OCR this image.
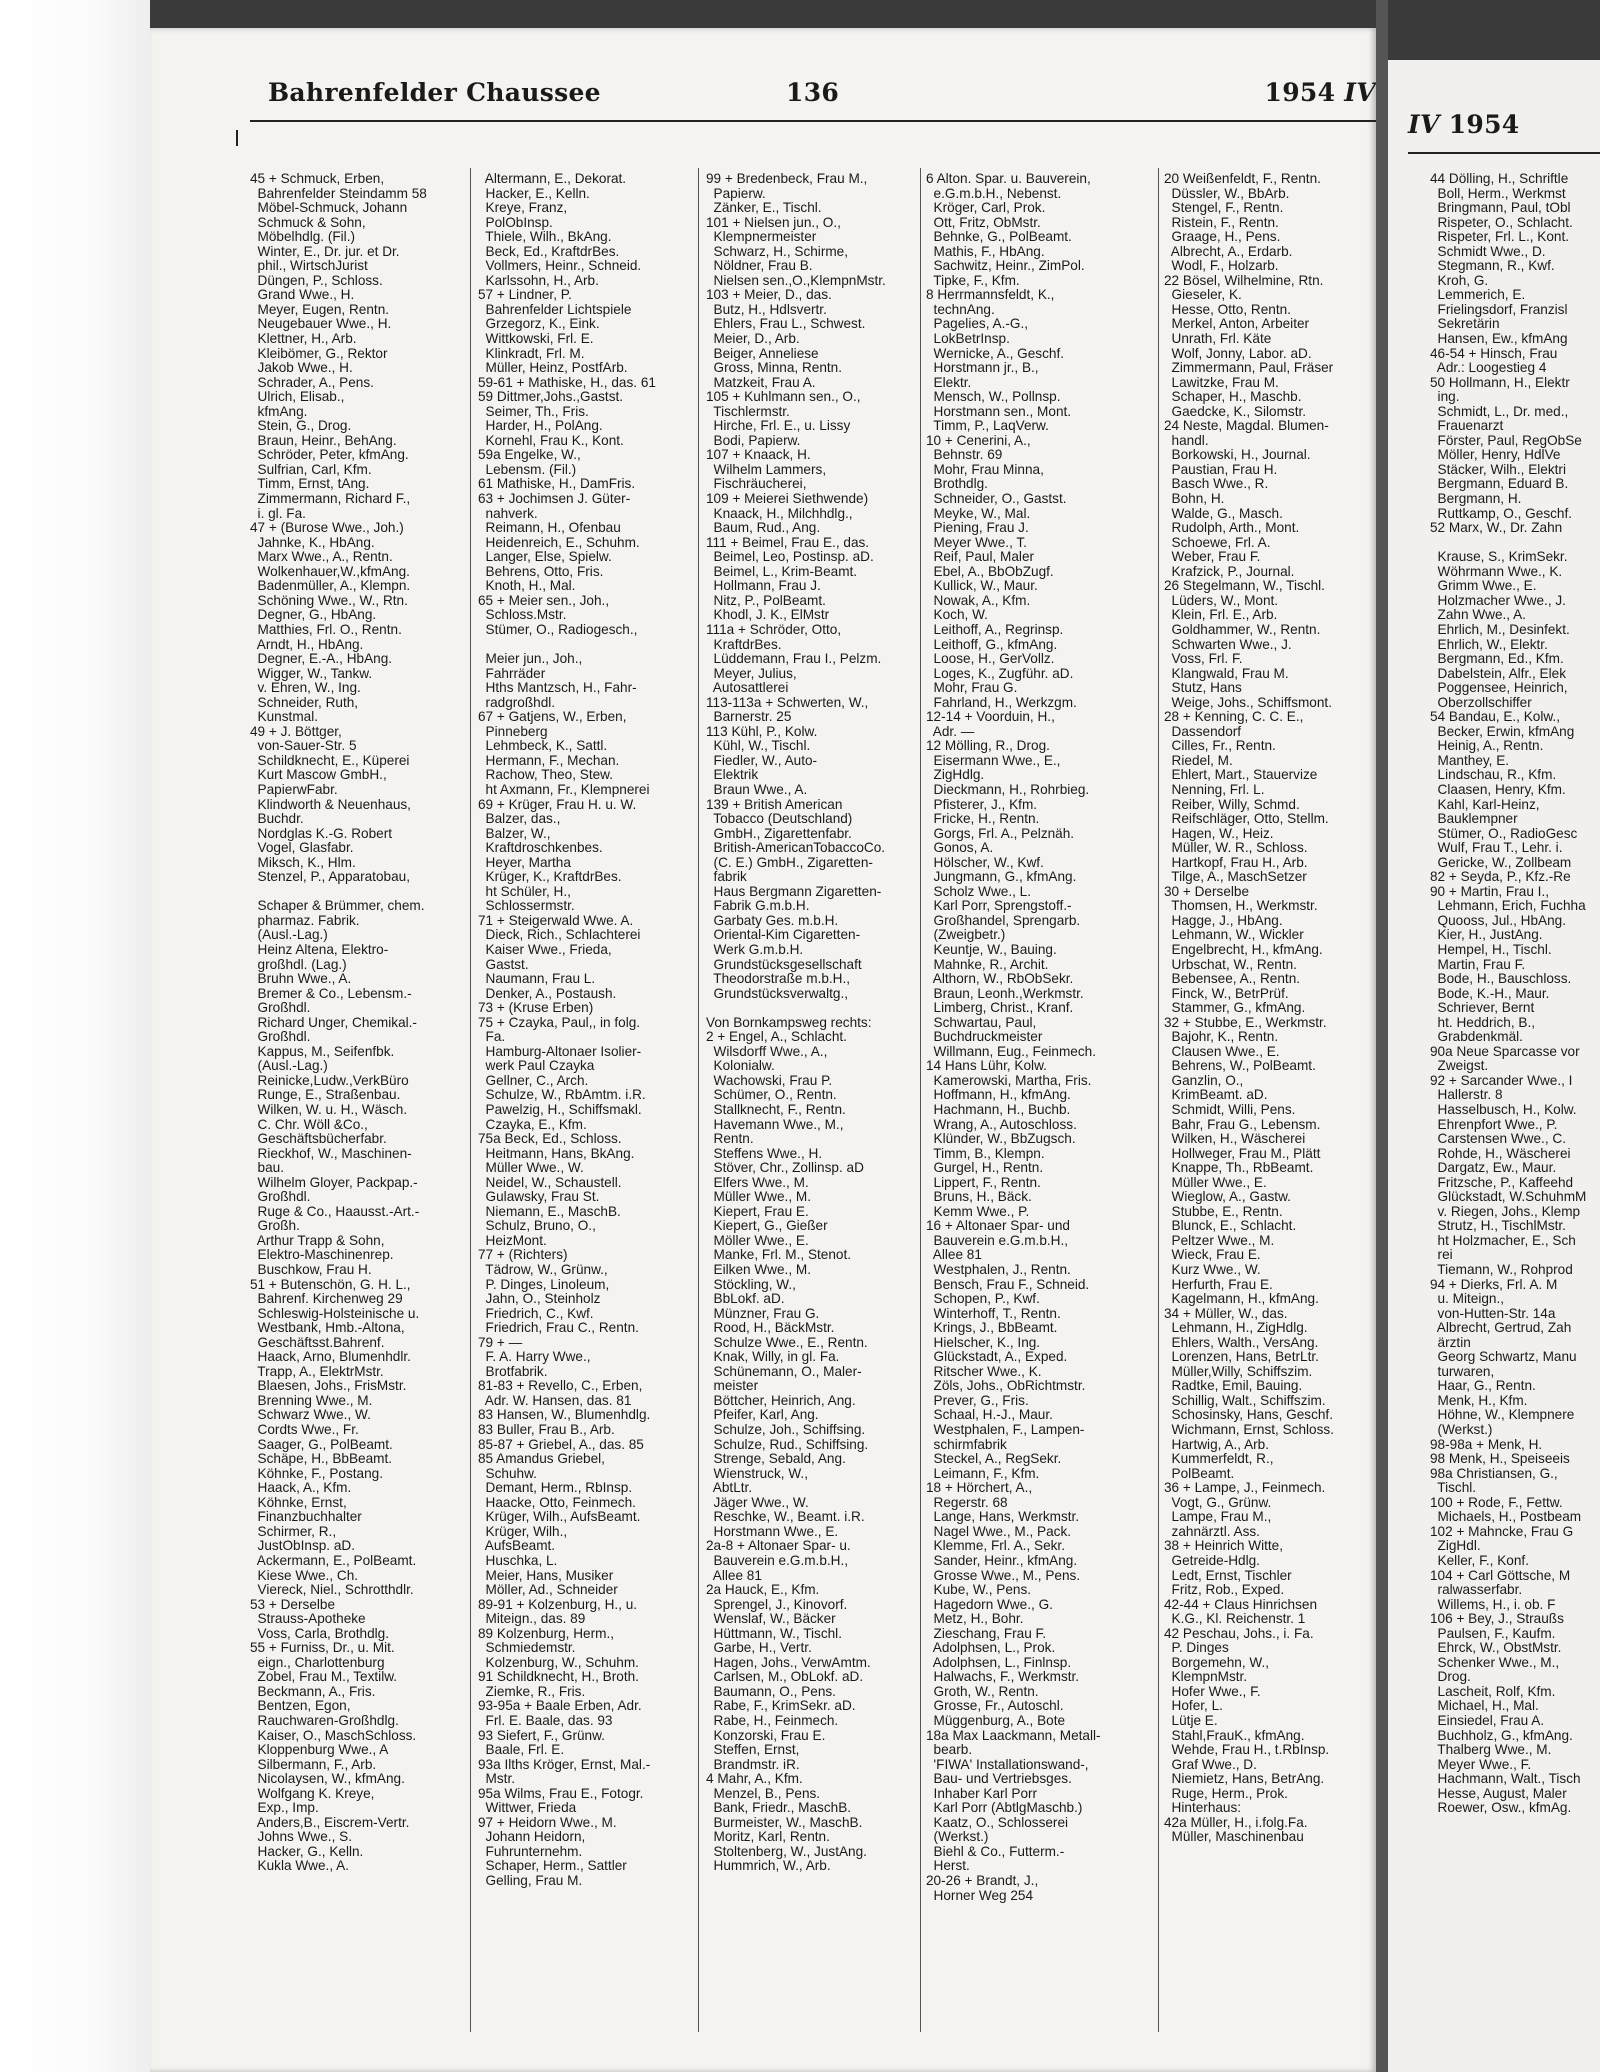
Bahrenfelder Chaussee	136	1954 IV
45 + Schmuck, Erben,
Bahrenfelder Steindamm 58
Möbel-Schmuck, Johann
Schmuck & Sohn,
Möbelhdlg. (Fil.)
Winter, E., Dr. jur. et Dr.
phil., WirtschJurist
Düngen, P., Schloss.
Grand Wwe., H.
Meyer, Eugen, Rentn.
Neugebauer Wwe., H.
Klettner, H., Arb.
Kleibömer, G., Rektor
Jakob Wwe., H.
Schrader, A., Pens.
Ulrich, Elisab.,
kfmAng.
Stein, G., Drog.
Braun, Heinr., BehAng.
Schröder, Peter, kfmAng.
Sulfrian, Carl, Kfm.
Timm, Ernst, tAng.
Zimmermann, Richard F.,
i. gl. Fa.
47 + (Burose Wwe., Joh.)
Jahnke, K., HbAng.
Marx Wwe., A., Rentn.
Wolkenhauer,W.,kfmAng.
Badenmüller, A., Klempn.
Schöning Wwe., W., Rtn.
Degner, G., HbAng.
Matthies, Frl. O., Rentn.
Arndt, H., HbAng.
Degner, E.-A., HbAng.
Wigger, W., Tankw.
v. Ehren, W., Ing.
Schneider, Ruth,
Kunstmal.
49 + J. Böttger,
von-Sauer-Str. 5
Schildknecht, E., Küperei
Kurt Mascow GmbH.,
PapierwFabr.
Klindworth & Neuenhaus,
Buchdr.
Nordglas K.-G. Robert
Vogel, Glasfabr.
Miksch, K., Hlm.
Stenzel, P., Apparatobau,

Schaper & Brümmer, chem.
pharmaz. Fabrik.
(Ausl.-Lag.)
Heinz Altena, Elektro-
großhdl. (Lag.)
Bruhn Wwe., A.
Bremer & Co., Lebensm.-
Großhdl.
Richard Unger, Chemikal.-
Großhdl.
Kappus, M., Seifenfbk.
(Ausl.-Lag.)
Reinicke,Ludw.,VerkBüro
Runge, E., Straßenbau.
Wilken, W. u. H., Wäsch.
C. Chr. Wöll &Co.,
Geschäftsbücherfabr.
Rieckhof, W., Maschinen-
bau.
Wilhelm Gloyer, Packpap.-
Großhdl.
Ruge & Co., Haausst.-Art.-
Großh.
Arthur Trapp & Sohn,
Elektro-Maschinenrep.
Buschkow, Frau H.
51 + Butenschön, G. H. L.,
Bahrenf. Kirchenweg 29
Schleswig-Holsteinische u.
Westbank, Hmb.-Altona,
Geschäftsst.Bahrenf.
Haack, Arno, Blumenhdlr.
Trapp, A., ElektrMstr.
Blaesen, Johs., FrisMstr.
Brenning Wwe., M.
Schwarz Wwe., W.
Cordts Wwe., Fr.
Saager, G., PolBeamt.
Schäpe, H., BbBeamt.
Köhnke, F., Postang.
Haack, A., Kfm.
Köhnke, Ernst,
Finanzbuchhalter
Schirmer, R.,
JustObInsp. aD.
Ackermann, E., PolBeamt.
Kiese Wwe., Ch.
Viereck, Niel., Schrotthdlr.
53 + Derselbe
Strauss-Apotheke
Voss, Carla, Brothdlg.
55 + Furniss, Dr., u. Mit.
eign., Charlottenburg
Zobel, Frau M., Textilw.
Beckmann, A., Fris.
Bentzen, Egon,
Rauchwaren-Großhdlg.
Kaiser, O., MaschSchloss.
Kloppenburg Wwe., A
Silbermann, F., Arb.
Nicolaysen, W., kfmAng.
Wolfgang K. Kreye,
Exp., Imp.
Anders,B., Eiscrem-Vertr.
Johns Wwe., S.
Hacker, G., Kelln.
Kukla Wwe., A.
Altermann, E., Dekorat.
Hacker, E., Kelln.
Kreye, Franz,
PolObInsp.
Thiele, Wilh., BkAng.
Beck, Ed., KraftdrBes.
Vollmers, Heinr., Schneid.
Karlssohn, H., Arb.
57 + Lindner, P.
Bahrenfelder Lichtspiele
Grzegorz, K., Eink.
Wittkowski, Frl. E.
Klinkradt, Frl. M.
Müller, Heinz, PostfArb.
59-61 + Mathiske, H., das. 61
59 Dittmer,Johs.,Gastst.
Seimer, Th., Fris.
Harder, H., PolAng.
Kornehl, Frau K., Kont.
59a Engelke, W.,
Lebensm. (Fil.)
61 Mathiske, H., DamFris.
63 + Jochimsen J. Güter-
nahverk.
Reimann, H., Ofenbau
Heidenreich, E., Schuhm.
Langer, Else, Spielw.
Behrens, Otto, Fris.
Knoth, H., Mal.
65 + Meier sen., Joh.,
Schloss.Mstr.
Stümer, O., Radiogesch.,

Meier jun., Joh.,
Fahrräder
Hths Mantzsch, H., Fahr-
radgroßhdl.
67 + Gatjens, W., Erben,
Pinneberg
Lehmbeck, K., Sattl.
Hermann, F., Mechan.
Rachow, Theo, Stew.
ht Axmann, Fr., Klempnerei
69 + Krüger, Frau H. u. W.
Balzer, das.,
Balzer, W.,
Kraftdroschkenbes.
Heyer, Martha
Krüger, K., KraftdrBes.
ht Schüler, H.,
Schlossermstr.
71 + Steigerwald Wwe. A.
Dieck, Rich., Schlachterei
Kaiser Wwe., Frieda,
Gastst.
Naumann, Frau L.
Denker, A., Postaush.
73 + (Kruse Erben)
75 + Czayka, Paul,, in folg.
Fa.
Hamburg-Altonaer Isolier-
werk Paul Czayka
Gellner, C., Arch.
Schulze, W., RbAmtm. i.R.
Pawelzig, H., Schiffsmakl.
Czayka, E., Kfm.
75a Beck, Ed., Schloss.
Heitmann, Hans, BkAng.
Müller Wwe., W.
Neidel, W., Schaustell.
Gulawsky, Frau St.
Niemann, E., MaschB.
Schulz, Bruno, O.,
HeizMont.
77 + (Richters)
Tädrow, W., Grünw.,
P. Dinges, Linoleum,
Jahn, O., Steinholz
Friedrich, C., Kwf.
Friedrich, Frau C., Rentn.
79 + —
F. A. Harry Wwe.,
Brotfabrik.
81-83 + Revello, C., Erben,
Adr. W. Hansen, das. 81
83 Hansen, W., Blumenhdlg.
83 Buller, Frau B., Arb.
85-87 + Griebel, A., das. 85
85 Amandus Griebel,
Schuhw.
Demant, Herm., RbInsp.
Haacke, Otto, Feinmech.
Krüger, Wilh., AufsBeamt.
Krüger, Wilh.,
AufsBeamt.
Huschka, L.
Meier, Hans, Musiker
Möller, Ad., Schneider
89-91 + Kolzenburg, H., u.
Miteign., das. 89
89 Kolzenburg, Herm.,
Schmiedemstr.
Kolzenburg, W., Schuhm.
91 Schildknecht, H., Broth.
Ziemke, R., Fris.
93-95a + Baale Erben, Adr.
Frl. E. Baale, das. 93
93 Siefert, F., Grünw.
Baale, Frl. E.
93a Ilths Kröger, Ernst, Mal.-
Mstr.
95a Wilms, Frau E., Fotogr.
Wittwer, Frieda
97 + Heidorn Wwe., M.
Johann Heidorn,
Fuhrunternehm.
Schaper, Herm., Sattler
Gelling, Frau M.
99 + Bredenbeck, Frau M.,
Papierw.
Zänker, E., Tischl.
101 + Nielsen jun., O.,
Klempnermeister
Schwarz, H., Schirme,
Nöldner, Frau B.
Nielsen sen.,O.,KlempnMstr.
103 + Meier, D., das.
Butz, H., Hdlsvertr.
Ehlers, Frau L., Schwest.
Meier, D., Arb.
Beiger, Anneliese
Gross, Minna, Rentn.
Matzkeit, Frau A.
105 + Kuhlmann sen., O.,
Tischlermstr.
Hirche, Frl. E., u. Lissy
Bodi, Papierw.
107 + Knaack, H.
Wilhelm Lammers,
Fischräucherei,
109 + Meierei Siethwende)
Knaack, H., Milchhdlg.,
Baum, Rud., Ang.
111 + Beimel, Frau E., das.
Beimel, Leo, Postinsp. aD.
Beimel, L., Krim-Beamt.
Hollmann, Frau J.
Nitz, P., PolBeamt.
Khodl, J. K., ElMstr
111a + Schröder, Otto,
KraftdrBes.
Lüddemann, Frau I., Pelzm.
Meyer, Julius,
Autosattlerei
113-113a + Schwerten, W.,
Barnerstr. 25
113 Kühl, P., Kolw.
Kühl, W., Tischl.
Fiedler, W., Auto-
Elektrik
Braun Wwe., A.
139 + British American
Tobacco (Deutschland)
GmbH., Zigarettenfabr.
British-AmericanTobaccoCo.
(C. E.) GmbH., Zigaretten-
fabrik
Haus Bergmann Zigaretten-
Fabrik G.m.b.H.
Garbaty Ges. m.b.H.
Oriental-Kim Cigaretten-
Werk G.m.b.H.
Grundstücksgesellschaft
Theodorstraße m.b.H.,
Grundstücksverwaltg.,

Von Bornkampsweg rechts:
2 + Engel, A., Schlacht.
Wilsdorff Wwe., A.,
Kolonialw.
Wachowski, Frau P.
Schümer, O., Rentn.
Stallknecht, F., Rentn.
Havemann Wwe., M.,
Rentn.
Steffens Wwe., H.
Stöver, Chr., Zollinsp. aD
Elfers Wwe., M.
Müller Wwe., M.
Kiepert, Frau E.
Kiepert, G., Gießer
Möller Wwe., E.
Manke, Frl. M., Stenot.
Eilken Wwe., M.
Stöckling, W.,
BbLokf. aD.
Münzner, Frau G.
Rood, H., BäckMstr.
Schulze Wwe., E., Rentn.
Knak, Willy, in gl. Fa.
Schünemann, O., Maler-
meister
Böttcher, Heinrich, Ang.
Pfeifer, Karl, Ang.
Schulze, Joh., Schiffsing.
Schulze, Rud., Schiffsing.
Strenge, Sebald, Ang.
Wienstruck, W.,
AbtLtr.
Jäger Wwe., W.
Reschke, W., Beamt. i.R.
Horstmann Wwe., E.
2a-8 + Altonaer Spar- u.
Bauverein e.G.m.b.H.,
Allee 81
2a Hauck, E., Kfm.
Sprengel, J., Kinovorf.
Wenslaf, W., Bäcker
Hüttmann, W., Tischl.
Garbe, H., Vertr.
Hagen, Johs., VerwAmtm.
Carlsen, M., ObLokf. aD.
Baumann, O., Pens.
Rabe, F., KrimSekr. aD.
Rabe, H., Feinmech.
Konzorski, Frau E.
Steffen, Ernst,
Brandmstr. iR.
4 Mahr, A., Kfm.
Menzel, B., Pens.
Bank, Friedr., MaschB.
Burmeister, W., MaschB.
Moritz, Karl, Rentn.
Stoltenberg, W., JustAng.
Hummrich, W., Arb.
6 Alton. Spar. u. Bauverein,
e.G.m.b.H., Nebenst.
Kröger, Carl, Prok.
Ott, Fritz, ObMstr.
Behnke, G., PolBeamt.
Mathis, F., HbAng.
Sachwitz, Heinr., ZimPol.
Tipke, F., Kfm.
8 Herrmannsfeldt, K.,
technAng.
Pagelies, A.-G.,
LokBetrInsp.
Wernicke, A., Geschf.
Horstmann jr., B.,
Elektr.
Mensch, W., Pollnsp.
Horstmann sen., Mont.
Timm, P., LaqVerw.
10 + Cenerini, A.,
Behnstr. 69
Mohr, Frau Minna,
Brothdlg.
Schneider, O., Gastst.
Meyke, W., Mal.
Piening, Frau J.
Meyer Wwe., T.
Reif, Paul, Maler
Ebel, A., BbObZugf.
Kullick, W., Maur.
Nowak, A., Kfm.
Koch, W.
Leithoff, A., Regrinsp.
Leithoff, G., kfmAng.
Loose, H., GerVollz.
Loges, K., Zugführ. aD.
Mohr, Frau G.
Fahrland, H., Werkzgm.
12-14 + Voorduin, H.,
Adr. —
12 Mölling, R., Drog.
Eisermann Wwe., E.,
ZigHdlg.
Dieckmann, H., Rohrbieg.
Pfisterer, J., Kfm.
Fricke, H., Rentn.
Gorgs, Frl. A., Pelznäh.
Gonos, A.
Hölscher, W., Kwf.
Jungmann, G., kfmAng.
Scholz Wwe., L.
Karl Porr, Sprengstoff.-
Großhandel, Sprengarb.
(Zweigbetr.)
Keuntje, W., Bauing.
Mahnke, R., Archit.
Althorn, W., RbObSekr.
Braun, Leonh.,Werkmstr.
Limberg, Christ., Kranf.
Schwartau, Paul,
Buchdruckmeister
Willmann, Eug., Feinmech.
14 Hans Lühr, Kolw.
Kamerowski, Martha, Fris.
Hoffmann, H., kfmAng.
Hachmann, H., Buchb.
Wrang, A., Autoschloss.
Klünder, W., BbZugsch.
Timm, B., Klempn.
Gurgel, H., Rentn.
Lippert, F., Rentn.
Bruns, H., Bäck.
Kemm Wwe., P.
16 + Altonaer Spar- und
Bauverein e.G.m.b.H.,
Allee 81
Westphalen, J., Rentn.
Bensch, Frau F., Schneid.
Schopen, P., Kwf.
Winterhoff, T., Rentn.
Krings, J., BbBeamt.
Hielscher, K., Ing.
Glückstadt, A., Exped.
Ritscher Wwe., K.
Zöls, Johs., ObRichtmstr.
Prever, G., Fris.
Schaal, H.-J., Maur.
Westphalen, F., Lampen-
schirmfabrik
Steckel, A., RegSekr.
Leimann, F., Kfm.
18 + Hörchert, A.,
Regerstr. 68
Lange, Hans, Werkmstr.
Nagel Wwe., M., Pack.
Klemme, Frl. A., Sekr.
Sander, Heinr., kfmAng.
Grosse Wwe., M., Pens.
Kube, W., Pens.
Hagedorn Wwe., G.
Metz, H., Bohr.
Zieschang, Frau F.
Adolphsen, L., Prok.
Adolphsen, L., Finlnsp.
Halwachs, F., Werkmstr.
Groth, W., Rentn.
Grosse, Fr., Autoschl.
Müggenburg, A., Bote
18a Max Laackmann, Metall-
bearb.
'FIWA' Installationswand-,
Bau- und Vertriebsges.
Inhaber Karl Porr
Karl Porr (AbtlgMaschb.)
Kaatz, O., Schlosserei
(Werkst.)
Biehl & Co., Futterm.-
Herst.
20-26 + Brandt, J.,
Horner Weg 254
20 Weißenfeldt, F., Rentn.
Düssler, W., BbArb.
Stengel, F., Rentn.
Ristein, F., Rentn.
Graage, H., Pens.
Albrecht, A., Erdarb.
Wodl, F., Holzarb.
22 Bösel, Wilhelmine, Rtn.
Gieseler, K.
Hesse, Otto, Rentn.
Merkel, Anton, Arbeiter
Unrath, Frl. Käte
Wolf, Jonny, Labor. aD.
Zimmermann, Paul, Fräser
Lawitzke, Frau M.
Schaper, H., Maschb.
Gaedcke, K., Silomstr.
24 Neste, Magdal. Blumen-
handl.
Borkowski, H., Journal.
Paustian, Frau H.
Basch Wwe., R.
Bohn, H.
Walde, G., Masch.
Rudolph, Arth., Mont.
Schoewe, Frl. A.
Weber, Frau F.
Krafzick, P., Journal.
26 Stegelmann, W., Tischl.
Lüders, W., Mont.
Klein, Frl. E., Arb.
Goldhammer, W., Rentn.
Schwarten Wwe., J.
Voss, Frl. F.
Klangwald, Frau M.
Stutz, Hans
Weige, Johs., Schiffsmont.
28 + Kenning, C. C. E.,
Dassendorf
Cilles, Fr., Rentn.
Riedel, M.
Ehlert, Mart., Stauervize
Nenning, Frl. L.
Reiber, Willy, Schmd.
Reifschläger, Otto, Stellm.
Hagen, W., Heiz.
Müller, W. R., Schloss.
Hartkopf, Frau H., Arb.
Tilge, A., MaschSetzer
30 + Derselbe
Thomsen, H., Werkmstr.
Hagge, J., HbAng.
Lehmann, W., Wickler
Engelbrecht, H., kfmAng.
Urbschat, W., Rentn.
Bebensee, A., Rentn.
Finck, W., BetrPrüf.
Stammer, G., kfmAng.
32 + Stubbe, E., Werkmstr.
Bajohr, K., Rentn.
Clausen Wwe., E.
Behrens, W., PolBeamt.
Ganzlin, O.,
KrimBeamt. aD.
Schmidt, Willi, Pens.
Bahr, Frau G., Lebensm.
Wilken, H., Wäscherei
Hollweger, Frau M., Plätt
Knappe, Th., RbBeamt.
Müller Wwe., E.
Wieglow, A., Gastw.
Stubbe, E., Rentn.
Blunck, E., Schlacht.
Peltzer Wwe., M.
Wieck, Frau E.
Kurz Wwe., W.
Herfurth, Frau E.
Kagelmann, H., kfmAng.
34 + Müller, W., das.
Lehmann, H., ZigHdlg.
Ehlers, Walth., VersAng.
Lorenzen, Hans, BetrLtr.
Müller,Willy, Schiffszim.
Radtke, Emil, Bauing.
Schillig, Walt., Schiffszim.
Schosinsky, Hans, Geschf.
Wichmann, Ernst, Schloss.
Hartwig, A., Arb.
Kummerfeldt, R.,
PolBeamt.
36 + Lampe, J., Feinmech.
Vogt, G., Grünw.
Lampe, Frau M.,
zahnärztl. Ass.
38 + Heinrich Witte,
Getreide-Hdlg.
Ledt, Ernst, Tischler
Fritz, Rob., Exped.
42-44 + Claus Hinrichsen
K.G., Kl. Reichenstr. 1
42 Peschau, Johs., i. Fa.
P. Dinges
Borgemehn, W.,
KlempnMstr.
Hofer Wwe., F.
Hofer, L.
Lütje E.
Stahl,FrauK., kfmAng.
Wehde, Frau H., t.RbInsp.
Graf Wwe., D.
Niemietz, Hans, BetrAng.
Ruge, Herm., Prok.
Hinterhaus:
42a Müller, H., i.folg.Fa.
Müller, Maschinenbau
IV 1954
44 Dölling, H., Schriftle
Boll, Herm., Werkmst
Bringmann, Paul, tObl
Rispeter, O., Schlacht.
Rispeter, Frl. L., Kont.
Schmidt Wwe., D.
Stegmann, R., Kwf.
Kroh, G.
Lemmerich, E.
Frielingsdorf, Franzisl
Sekretärin
Hansen, Ew., kfmAng
46-54 + Hinsch, Frau
Adr.: Loogestieg 4
50 Hollmann, H., Elektr
ing.
Schmidt, L., Dr. med.,
Frauenarzt
Förster, Paul, RegObSe
Möller, Henry, HdlVe
Stäcker, Wilh., Elektri
Bergmann, Eduard B.
Bergmann, H.
Ruttkamp, O., Geschf.
52 Marx, W., Dr. Zahn

Krause, S., KrimSekr.
Wöhrmann Wwe., K.
Grimm Wwe., E.
Holzmacher Wwe., J.
Zahn Wwe., A.
Ehrlich, M., Desinfekt.
Ehrlich, W., Elektr.
Bergmann, Ed., Kfm.
Dabelstein, Alfr., Elek
Poggensee, Heinrich,
Oberzollschiffer
54 Bandau, E., Kolw.,
Becker, Erwin, kfmAng
Heinig, A., Rentn.
Manthey, E.
Lindschau, R., Kfm.
Claasen, Henry, Kfm.
Kahl, Karl-Heinz,
Bauklempner
Stümer, O., RadioGesc
Wulf, Frau T., Lehr. i.
Gericke, W., Zollbeam
82 + Seyda, P., Kfz.-Re
90 + Martin, Frau I.,
Lehmann, Erich, Fuchha
Quooss, Jul., HbAng.
Kier, H., JustAng.
Hempel, H., Tischl.
Martin, Frau F.
Bode, H., Bauschloss.
Bode, K.-H., Maur.
Schriever, Bernt
ht. Heddrich, B.,
Grabdenkmäl.
90a Neue Sparcasse vor
Zweigst.
92 + Sarcander Wwe., I
Hallerstr. 8
Hasselbusch, H., Kolw.
Ehrenpfort Wwe., P.
Carstensen Wwe., C.
Rohde, H., Wäscherei
Dargatz, Ew., Maur.
Fritzsche, P., Kaffeehd
Glückstadt, W.SchuhmM
v. Riegen, Johs., Klemp
Strutz, H., TischlMstr.
ht Holzmacher, E., Sch
rei
Tiemann, W., Rohprod
94 + Dierks, Frl. A. M
u. Miteign.,
von-Hutten-Str. 14a
Albrecht, Gertrud, Zah
ärztin
Georg Schwartz, Manu
turwaren,
Haar, G., Rentn.
Menk, H., Kfm.
Höhne, W., Klempnere
(Werkst.)
98-98a + Menk, H.
98 Menk, H., Speiseeis
98a Christiansen, G.,
Tischl.
100 + Rode, F., Fettw.
Michaels, H., Postbeam
102 + Mahncke, Frau G
ZigHdl.
Keller, F., Konf.
104 + Carl Göttsche, M
ralwasserfabr.
Willems, H., i. ob. F
106 + Bey, J., Straußs
Paulsen, F., Kaufm.
Ehrck, W., ObstMstr.
Schenker Wwe., M.,
Drog.
Lascheit, Rolf, Kfm.
Michael, H., Mal.
Einsiedel, Frau A.
Buchholz, G., kfmAng.
Thalberg Wwe., M.
Meyer Wwe., F.
Hachmann, Walt., Tisch
Hesse, August, Maler
Roewer, Osw., kfmAg.
